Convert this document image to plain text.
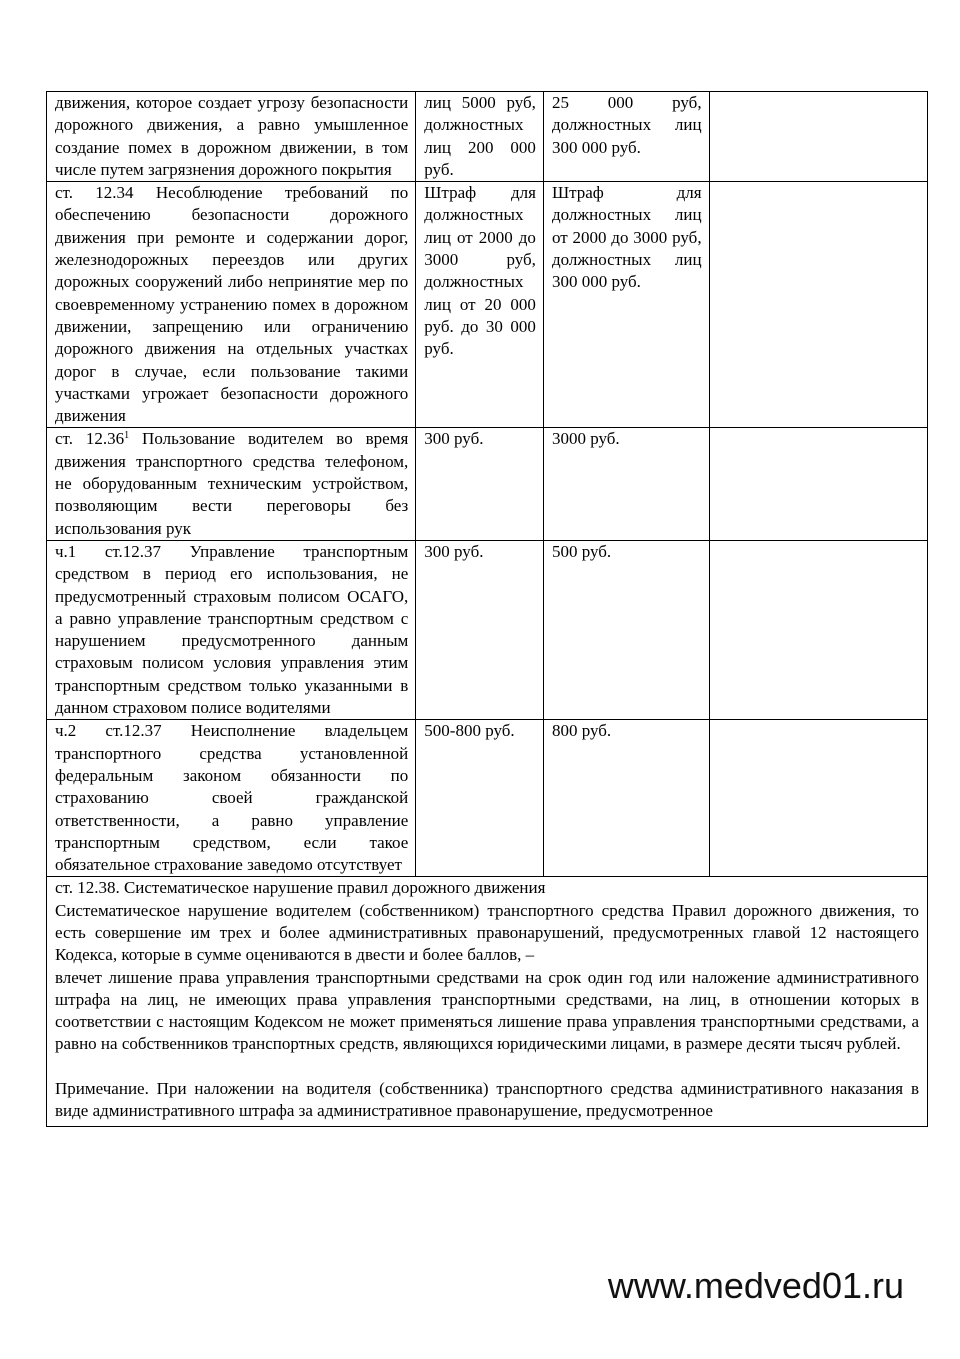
движения, которое создает угрозу безопасности дорожного движения, а равно умышленное создание помех в дорожном движении, в том числе путем загрязнения дорожного покрытия	лиц 5000 руб, должностных лиц 200 000 руб.	25 000 руб, должностных лиц 300 000 руб.	
ст. 12.34 Несоблюдение требований по обеспечению безопасности дорожного движения при ремонте и содержании дорог, железнодорожных переездов или других дорожных сооружений либо непринятие мер по своевременному устранению помех в дорожном движении, запрещению или ограничению дорожного движения на отдельных участках дорог в случае, если пользование такими участками угрожает безопасности дорожного движения	Штраф для должностных лиц от 2000 до 3000 руб, должностных лиц от 20 000 руб. до 30 000 руб.	Штраф для должностных лиц от 2000 до 3000 руб, должностных лиц 300 000 руб.	
ст. 12.36$^1$ Пользование водителем во время движения транспортного средства телефоном, не оборудованным техническим устройством, позволяющим вести переговоры без использования рук	300 руб.	3000 руб.	
ч.1 ст.12.37 Управление транспортным средством в период его использования, не предусмотренный страховым полисом ОСАГО, а равно управление транспортным средством с нарушением предусмотренного данным страховым полисом условия управления этим транспортным средством только указанными в данном страховом полисе водителями	300 руб.	500 руб.	
ч.2 ст.12.37 Неисполнение владельцем транспортного средства установленной федеральным законом обязанности по страхованию своей гражданской ответственности, а равно управление транспортным средством, если такое обязательное страхование заведомо отсутствует	500-800 руб.	800 руб.	

ст. 12.38. Систематическое нарушение правил дорожного движения

Систематическое нарушение водителем (собственником) транспортного средства Правил дорожного движения, то есть совершение им трех и более административных правонарушений, предусмотренных главой 12 настоящего Кодекса, которые в сумме оцениваются в двести и более баллов, –

влечет лишение права управления транспортными средствами на срок один год или наложение административного штрафа на лиц, не имеющих права управления транспортными средствами, на лиц, в отношении которых в соответствии с настоящим Кодексом не может применяться лишение права управления транспортными средствами, а равно на собственников транспортных средств, являющихся юридическими лицами, в размере десяти тысяч рублей.

Примечание. При наложении на водителя (собственника) транспортного средства административного наказания в виде административного штрафа за административное правонарушение, предусмотренное			

www.medved01.ru
